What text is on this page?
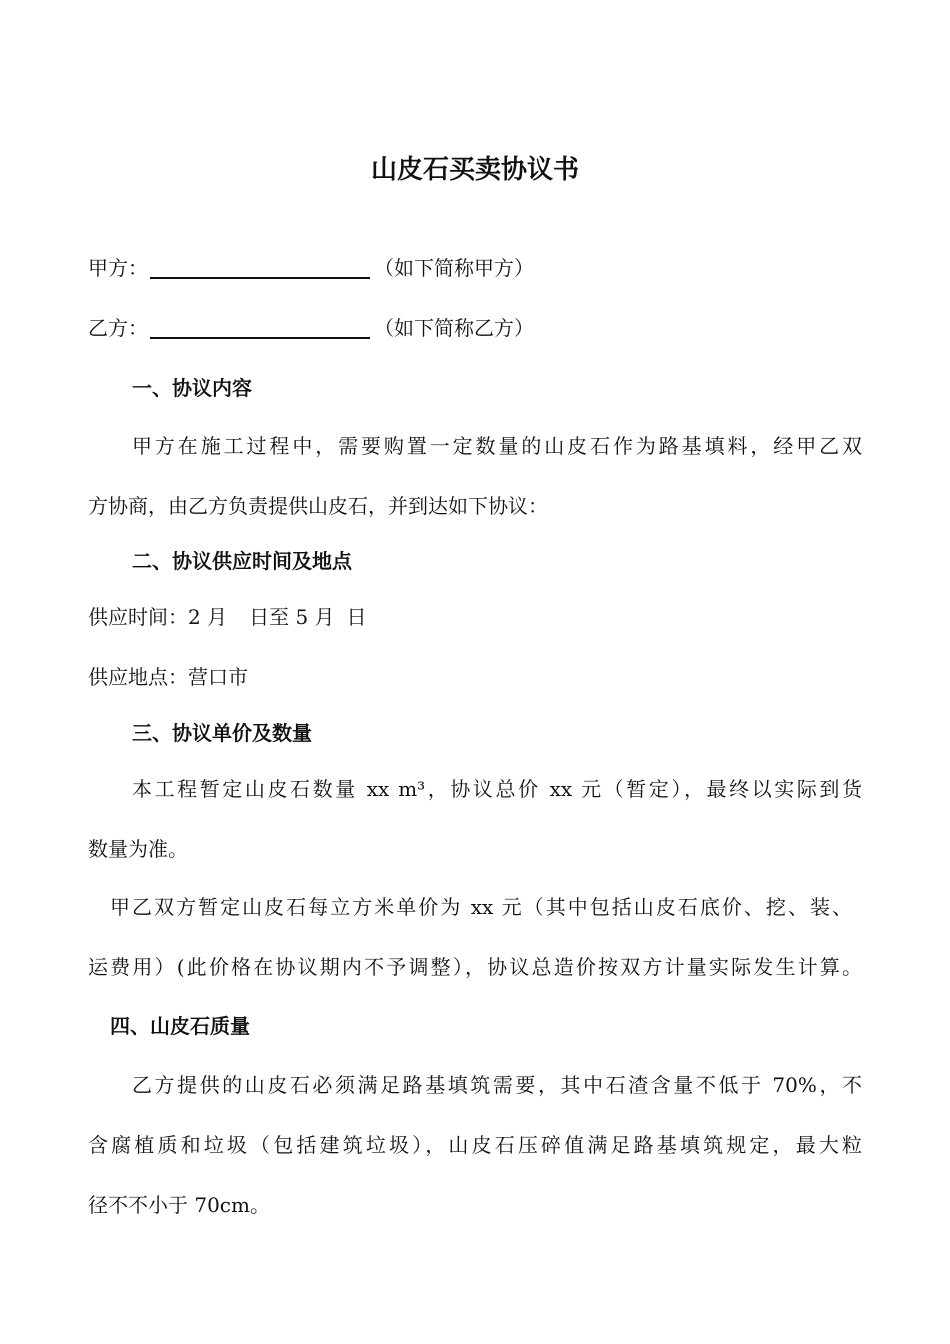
山皮石买卖协议书
甲方：	（如下简称甲方）
乙方：	（如下简称乙方）
一、协议内容
甲方在施工过程中，需要购置一定数量的山皮石作为路基填料，经甲乙双
方协商，由乙方负责提供山皮石，并到达如下协议：
二、协议供应时间及地点
供应时间：2 月 日至 5 月 日
供应地点：营口市
三、协议单价及数量
本工程暂定山皮石数量 xx m³，协议总价 xx 元（暂定），最终以实际到货
数量为准。
甲乙双方暂定山皮石每立方米单价为 xx 元（其中包括山皮石底价、挖、装、
运费用）(此价格在协议期内不予调整），协议总造价按双方计量实际发生计算。
四、山皮石质量
乙方提供的山皮石必须满足路基填筑需要，其中石渣含量不低于 70%，不
含腐植质和垃圾（包括建筑垃圾），山皮石压碎值满足路基填筑规定，最大粒
径不不小于 70cm。
